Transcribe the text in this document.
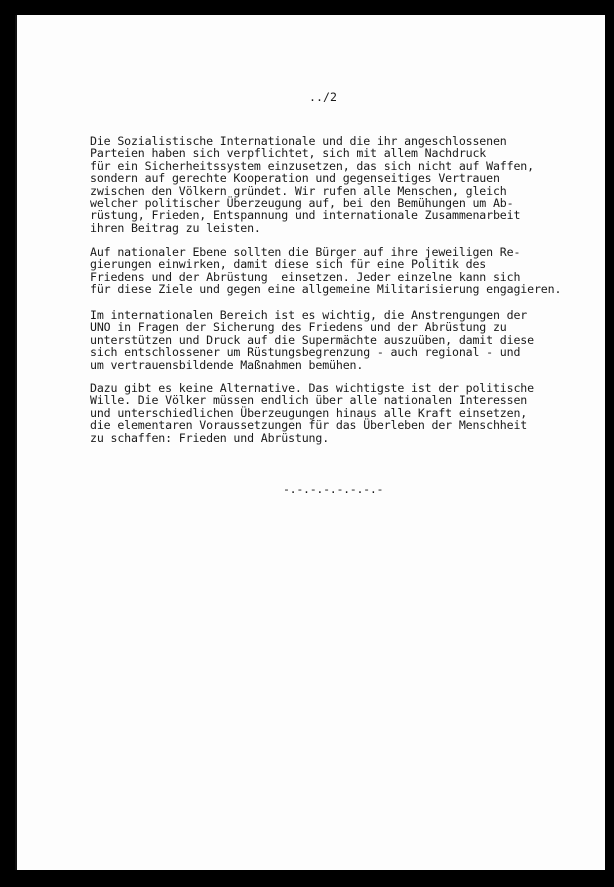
../2

Die Sozialistische Internationale und die ihr angeschlossenen
Parteien haben sich verpflichtet, sich mit allem Nachdruck
für ein Sicherheitssystem einzusetzen, das sich nicht auf Waffen,
sondern auf gerechte Kooperation und gegenseitiges Vertrauen
zwischen den Völkern gründet. Wir rufen alle Menschen, gleich
welcher politischer Überzeugung auf, bei den Bemühungen um Ab-
rüstung, Frieden, Entspannung und internationale Zusammenarbeit
ihren Beitrag zu leisten.

Auf nationaler Ebene sollten die Bürger auf ihre jeweiligen Re-
gierungen einwirken, damit diese sich für eine Politik des
Friedens und der Abrüstung  einsetzen. Jeder einzelne kann sich
für diese Ziele und gegen eine allgemeine Militarisierung engagieren.

Im internationalen Bereich ist es wichtig, die Anstrengungen der
UNO in Fragen der Sicherung des Friedens und der Abrüstung zu
unterstützen und Druck auf die Supermächte auszuüben, damit diese
sich entschlossener um Rüstungsbegrenzung - auch regional - und
um vertrauensbildende Maßnahmen bemühen.

Dazu gibt es keine Alternative. Das wichtigste ist der politische
Wille. Die Völker müssen endlich über alle nationalen Interessen
und unterschiedlichen Überzeugungen hinaus alle Kraft einsetzen,
die elementaren Voraussetzungen für das Überleben der Menschheit
zu schaffen: Frieden und Abrüstung.

-.-.-.-.-.-.-.-
